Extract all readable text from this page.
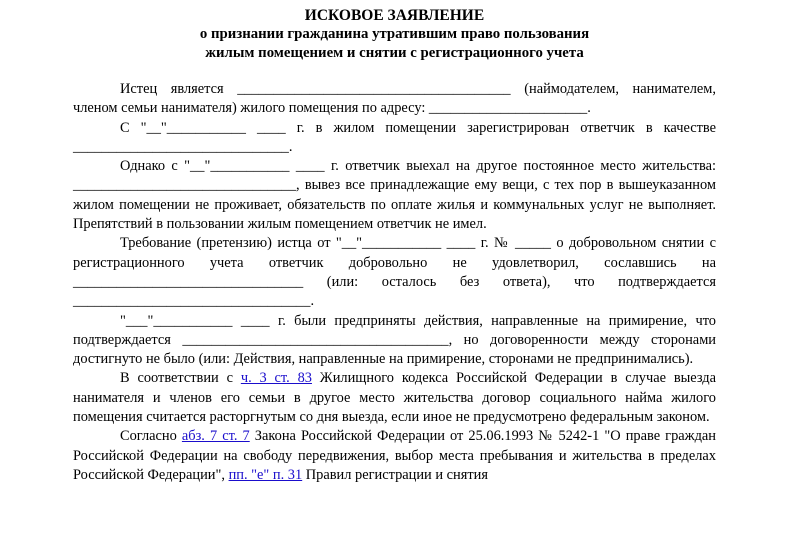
ИСКОВОЕ ЗАЯВЛЕНИЕ
о признании гражданина утратившим право пользования
жилым помещением и снятии с регистрационного учета

Истец является ______________________________________ (наймодателем, нанимателем, членом семьи нанимателя) жилого помещения по адресу: ______________________.

С "__"___________ ____ г. в жилом помещении зарегистрирован ответчик в качестве ______________________________.

Однако с "__"___________ ____ г. ответчик выехал на другое постоянное место жительства: _______________________________, вывез все принадлежащие ему вещи, с тех пор в вышеуказанном жилом помещении не проживает, обязательств по оплате жилья и коммунальных услуг не выполняет. Препятствий в пользовании жилым помещением ответчик не имел.

Требование (претензию) истца от "__"___________ ____ г. № _____ о добровольном снятии с регистрационного учета ответчик добровольно не удовлетворил, сославшись на ________________________________ (или: осталось без ответа), что подтверждается _________________________________.

"___"___________ ____ г. были предприняты действия, направленные на примирение, что подтверждается _____________________________________, но договоренности между сторонами достигнуто не было (или: Действия, направленные на примирение, сторонами не предпринимались).

В соответствии с ч. 3 ст. 83 Жилищного кодекса Российской Федерации в случае выезда нанимателя и членов его семьи в другое место жительства договор социального найма жилого помещения считается расторгнутым со дня выезда, если иное не предусмотрено федеральным законом.

Согласно абз. 7 ст. 7 Закона Российской Федерации от 25.06.1993 № 5242-1 "О праве граждан Российской Федерации на свободу передвижения, выбор места пребывания и жительства в пределах Российской Федерации", пп. "е" п. 31 Правил регистрации и снятия
